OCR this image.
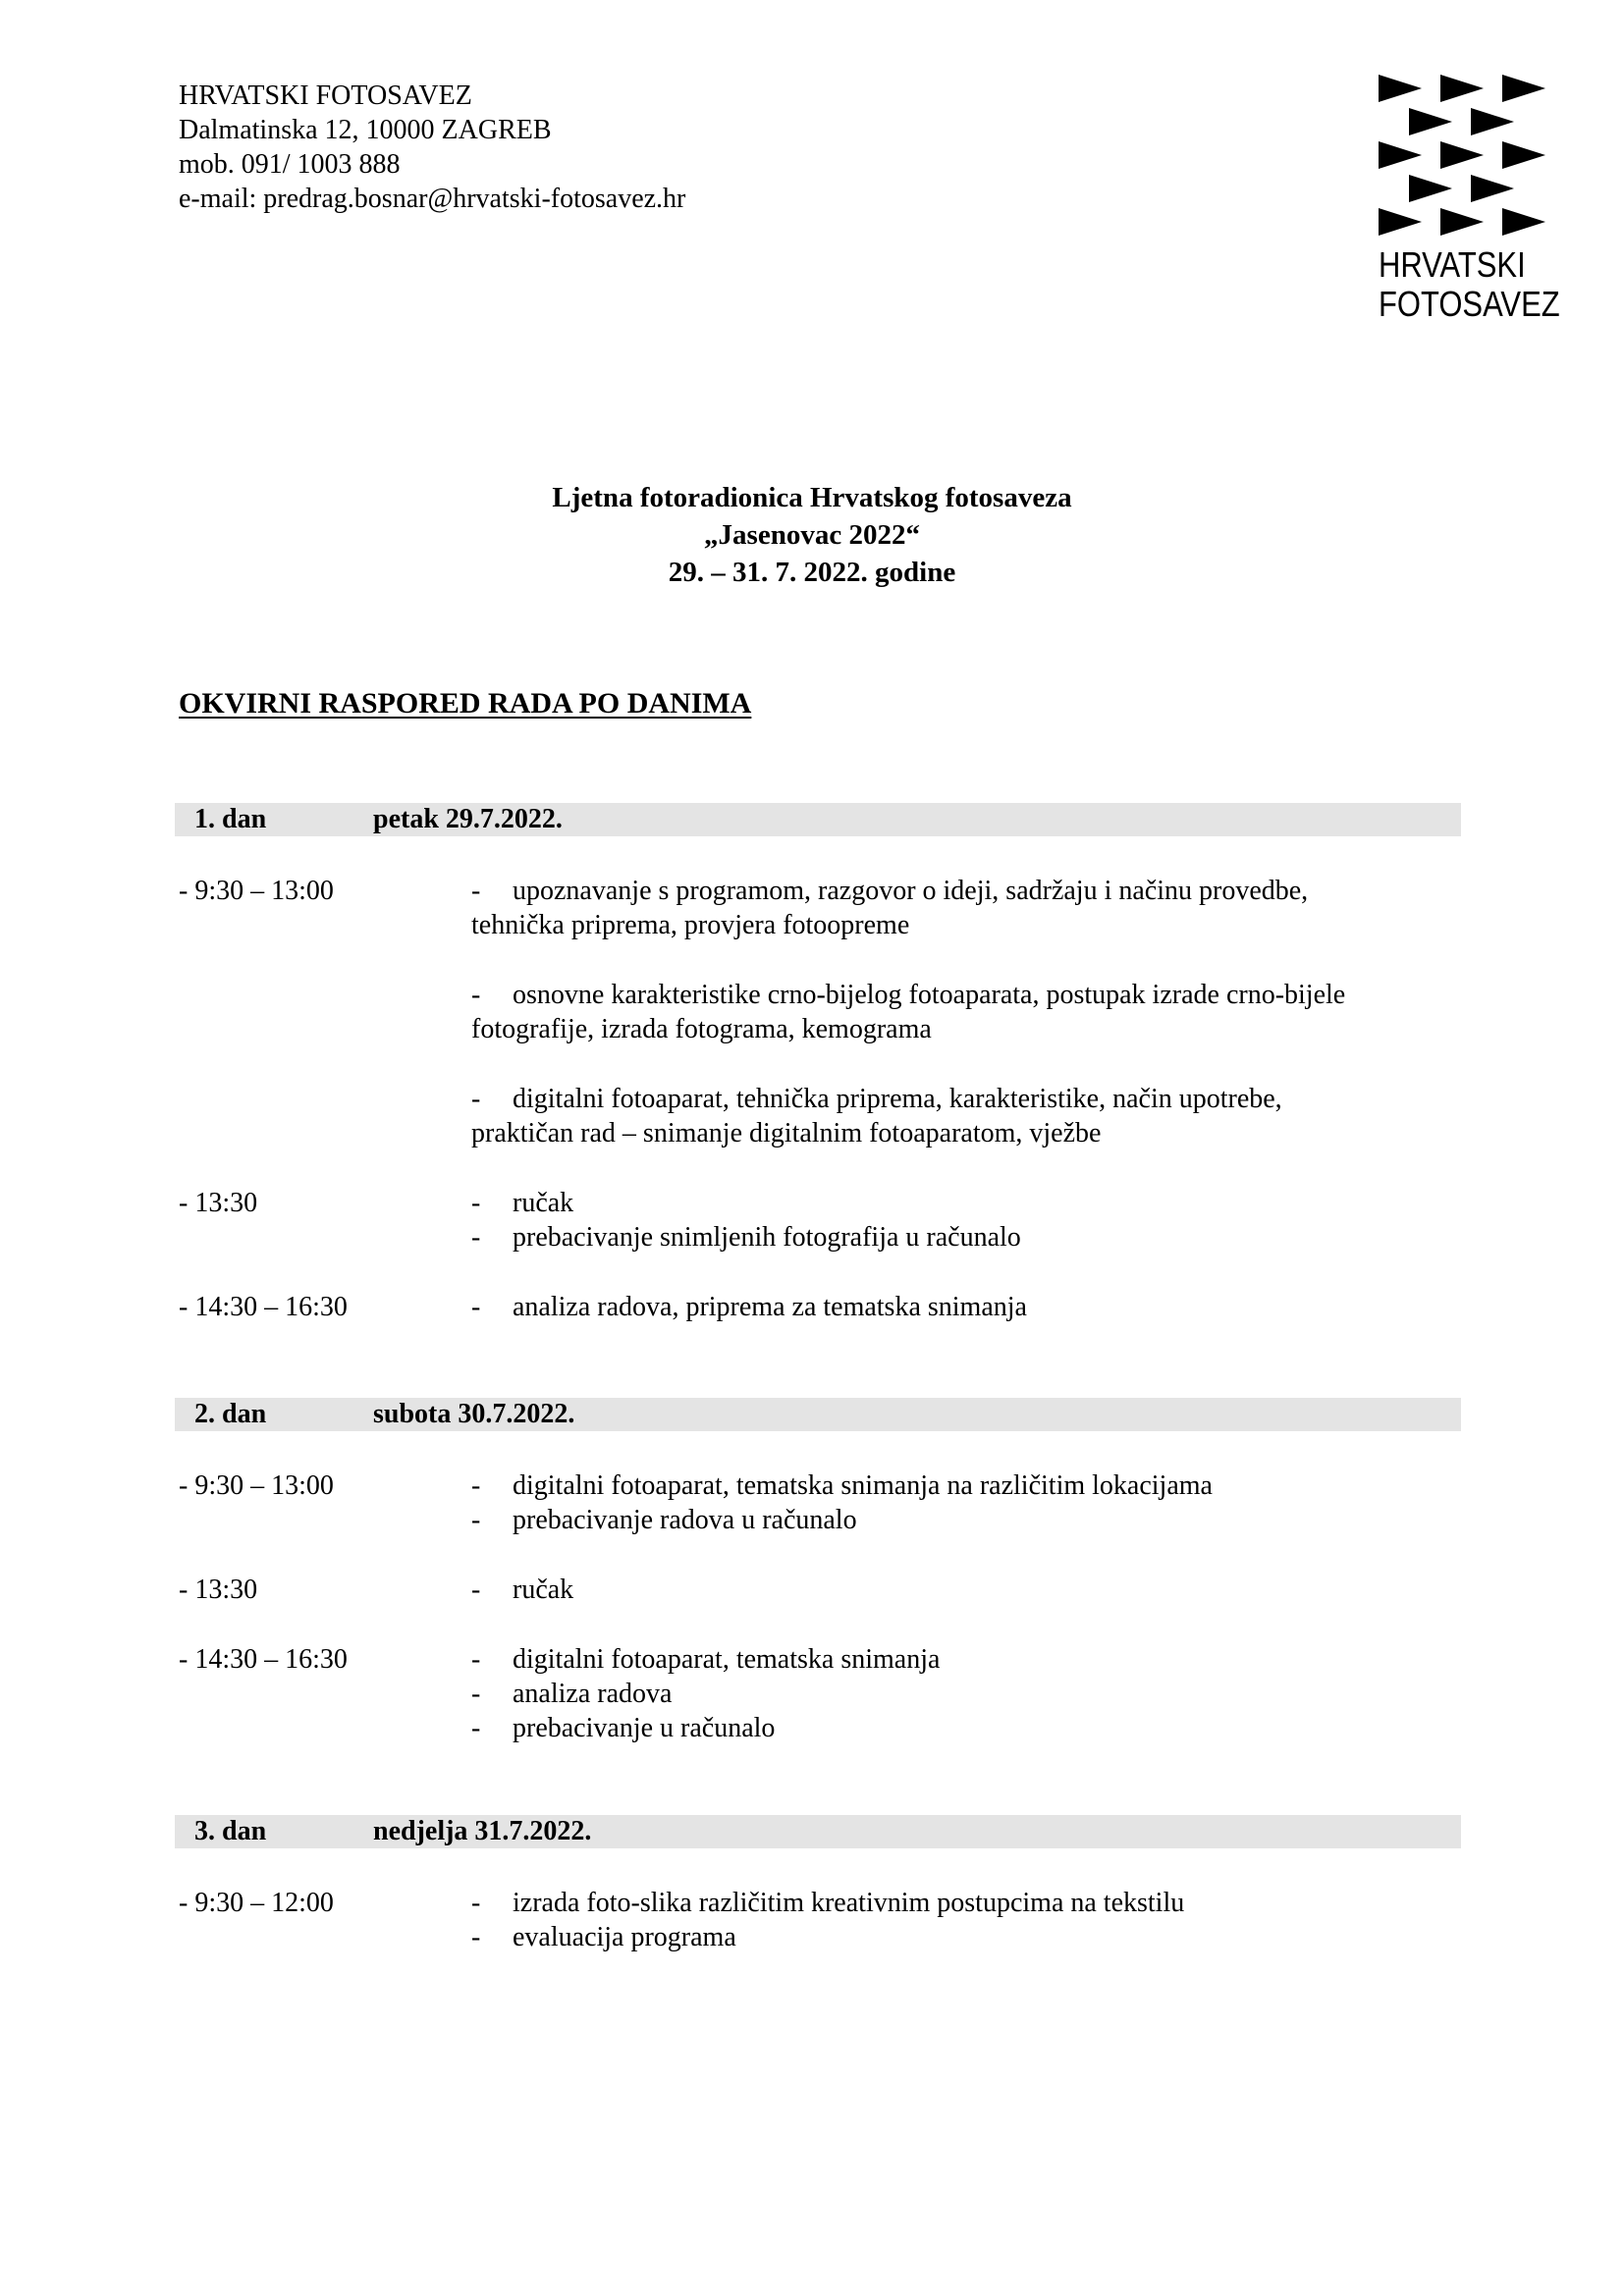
HRVATSKI FOTOSAVEZ
Dalmatinska 12, 10000 ZAGREB
mob. 091/ 1003 888
e-mail: predrag.bosnar@hrvatski-fotosavez.hr
HRVATSKI
FOTOSAVEZ
Ljetna fotoradionica Hrvatskog fotosaveza
„Jasenovac 2022“
29. – 31. 7. 2022. godine
OKVIRNI RASPORED RADA PO DANIMA
1. dan	petak 29.7.2022.
- 9:30 – 13:00	- upoznavanje s programom, razgovor o ideji, sadržaju i načinu provedbe,
tehnička priprema, provjera fotoopreme
- osnovne karakteristike crno-bijelog fotoaparata, postupak izrade crno-bijele
fotografije, izrada fotograma, kemograma
- digitalni fotoaparat, tehnička priprema, karakteristike, način upotrebe,
praktičan rad – snimanje digitalnim fotoaparatom, vježbe
- 13:30	- ručak
- prebacivanje snimljenih fotografija u računalo
- 14:30 – 16:30	- analiza radova, priprema za tematska snimanja
2. dan	subota 30.7.2022.
- 9:30 – 13:00	- digitalni fotoaparat, tematska snimanja na različitim lokacijama
- prebacivanje radova u računalo
- 13:30	- ručak
- 14:30 – 16:30	- digitalni fotoaparat, tematska snimanja
- analiza radova
- prebacivanje u računalo
3. dan	nedjelja 31.7.2022.
- 9:30 – 12:00	- izrada foto-slika različitim kreativnim postupcima na tekstilu
- evaluacija programa
